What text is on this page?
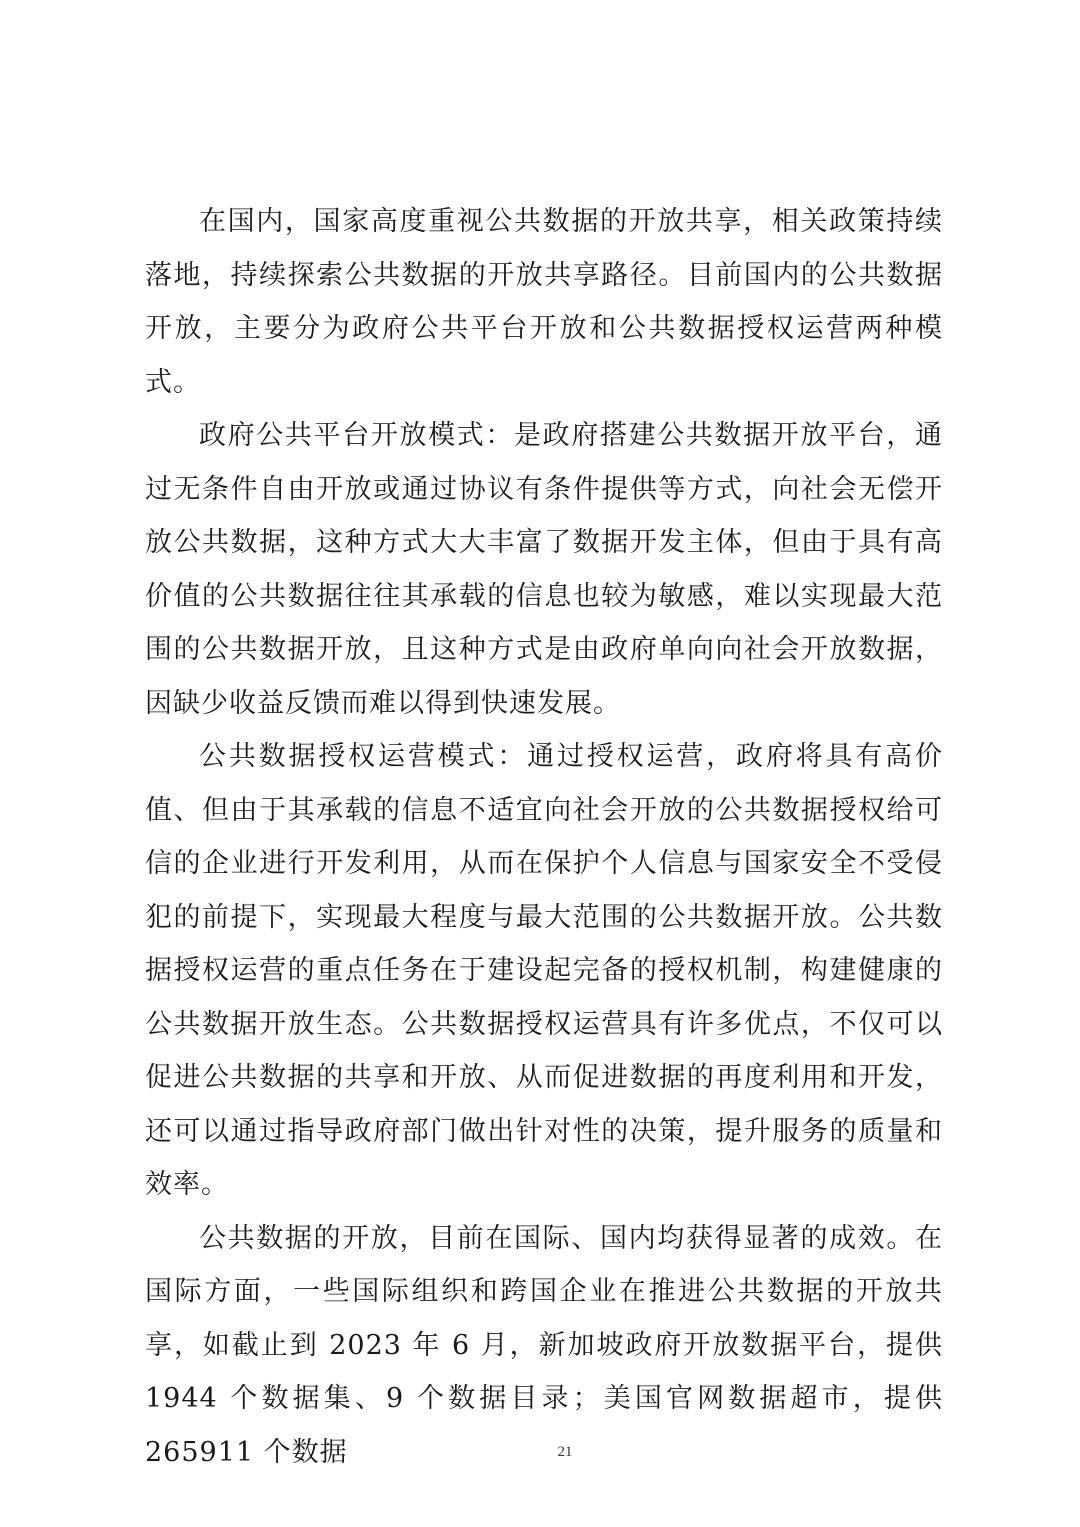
在国内，国家高度重视公共数据的开放共享，相关政策持续落地，持续探索公共数据的开放共享路径。目前国内的公共数据开放，主要分为政府公共平台开放和公共数据授权运营两种模式。

政府公共平台开放模式：是政府搭建公共数据开放平台，通过无条件自由开放或通过协议有条件提供等方式，向社会无偿开放公共数据，这种方式大大丰富了数据开发主体，但由于具有高价值的公共数据往往其承载的信息也较为敏感，难以实现最大范围的公共数据开放，且这种方式是由政府单向向社会开放数据，因缺少收益反馈而难以得到快速发展。

公共数据授权运营模式：通过授权运营，政府将具有高价值、但由于其承载的信息不适宜向社会开放的公共数据授权给可信的企业进行开发利用，从而在保护个人信息与国家安全不受侵犯的前提下，实现最大程度与最大范围的公共数据开放。公共数据授权运营的重点任务在于建设起完备的授权机制，构建健康的公共数据开放生态。公共数据授权运营具有许多优点，不仅可以促进公共数据的共享和开放、从而促进数据的再度利用和开发，还可以通过指导政府部门做出针对性的决策，提升服务的质量和效率。

公共数据的开放，目前在国际、国内均获得显著的成效。在国际方面，一些国际组织和跨国企业在推进公共数据的开放共享，如截止到 2023 年 6 月，新加坡政府开放数据平台，提供 1944 个数据集、9 个数据目录；美国官网数据超市，提供 265911 个数据	21
